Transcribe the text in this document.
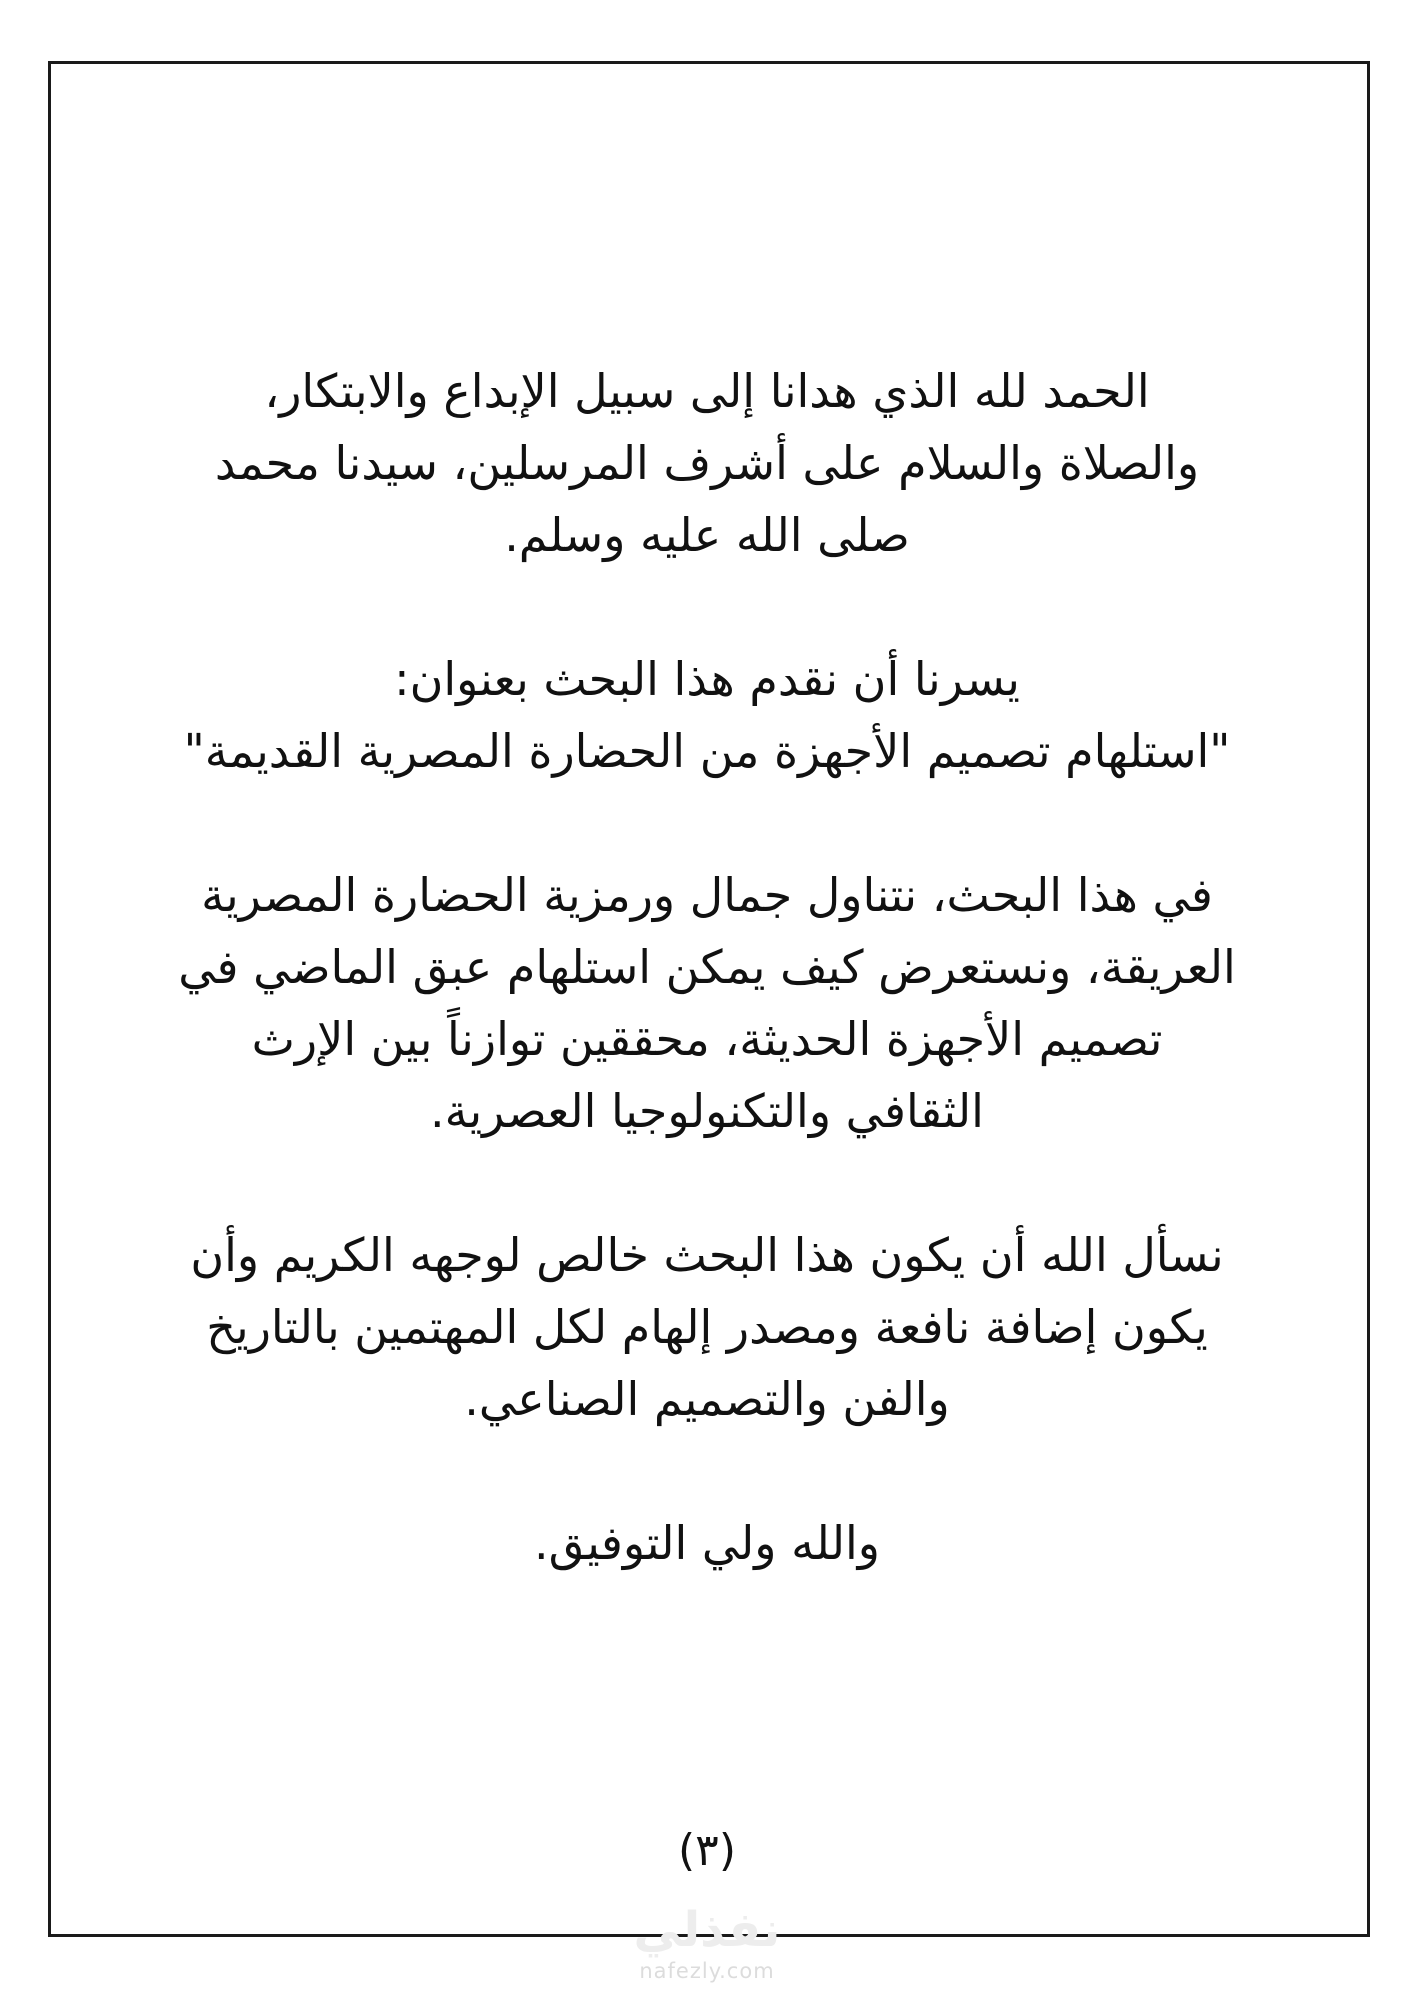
الحمد لله الذي هدانا إلى سبيل الإبداع والابتكار،
والصلاة والسلام على أشرف المرسلين، سيدنا محمد
صلى الله عليه وسلم.

يسرنا أن نقدم هذا البحث بعنوان:
"استلهام تصميم الأجهزة من الحضارة المصرية القديمة"

في هذا البحث، نتناول جمال ورمزية الحضارة المصرية
العريقة، ونستعرض كيف يمكن استلهام عبق الماضي في
تصميم الأجهزة الحديثة، محققين توازناً بين الإرث
الثقافي والتكنولوجيا العصرية.

نسأل الله أن يكون هذا البحث خالص لوجهه الكريم وأن
يكون إضافة نافعة ومصدر إلهام لكل المهتمين بالتاريخ
والفن والتصميم الصناعي.

والله ولي التوفيق.

(٣)
نفذلي
nafezly.com
